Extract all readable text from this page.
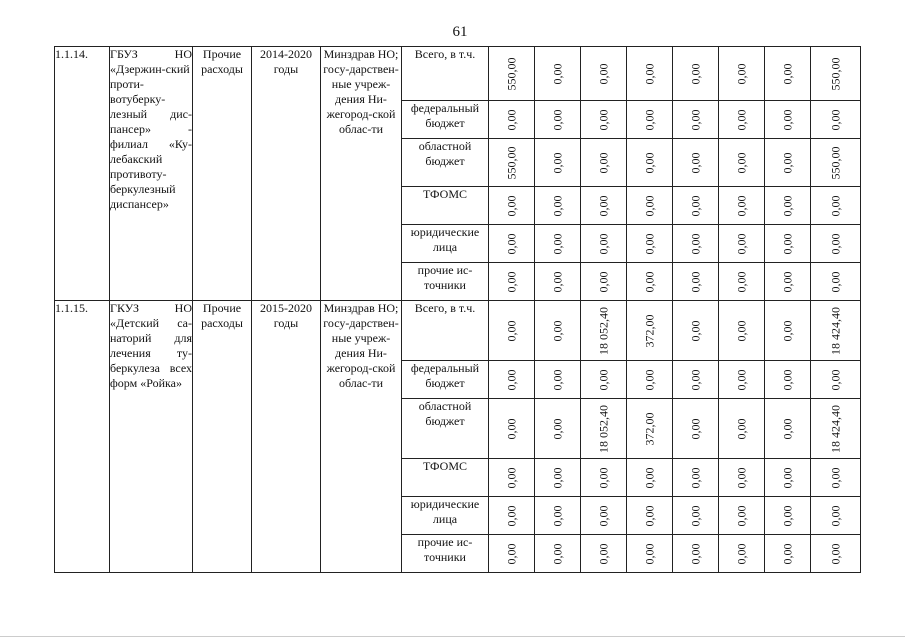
61
1.1.14.	ГБУЗ НО «Дзержин-ский проти-вотуберку-лезный дис-пансер» - филиал «Ку-лебакский противоту-беркулезный диспансер»	Прочие расходы	2014-2020 годы	Минздрав НО; госу-дарствен-ные учреж-дения Ни-жегород-ской облас-ти	Всего, в т.ч.	550,00	0,00	0,00	0,00	0,00	0,00	0,00	550,00

					федеральный бюджет	0,00	0,00	0,00	0,00	0,00	0,00	0,00	0,00

					областной бюджет	550,00	0,00	0,00	0,00	0,00	0,00	0,00	550,00

					ТФОМС	0,00	0,00	0,00	0,00	0,00	0,00	0,00	0,00

					юридические лица	0,00	0,00	0,00	0,00	0,00	0,00	0,00	0,00

					прочие ис-точники	0,00	0,00	0,00	0,00	0,00	0,00	0,00	0,00

1.1.15.	ГКУЗ НО «Детский са-наторий для лечения ту-беркулеза всех форм «Ройка»	Прочие расходы	2015-2020 годы	Минздрав НО; госу-дарствен-ные учреж-дения Ни-жегород-ской облас-ти	Всего, в т.ч.	0,00	0,00	18 052,40	372,00	0,00	0,00	0,00	18 424,40

					федеральный бюджет	0,00	0,00	0,00	0,00	0,00	0,00	0,00	0,00

					областной бюджет	0,00	0,00	18 052,40	372,00	0,00	0,00	0,00	18 424,40

					ТФОМС	0,00	0,00	0,00	0,00	0,00	0,00	0,00	0,00

					юридические лица	0,00	0,00	0,00	0,00	0,00	0,00	0,00	0,00

					прочие ис-точники	0,00	0,00	0,00	0,00	0,00	0,00	0,00	0,00
